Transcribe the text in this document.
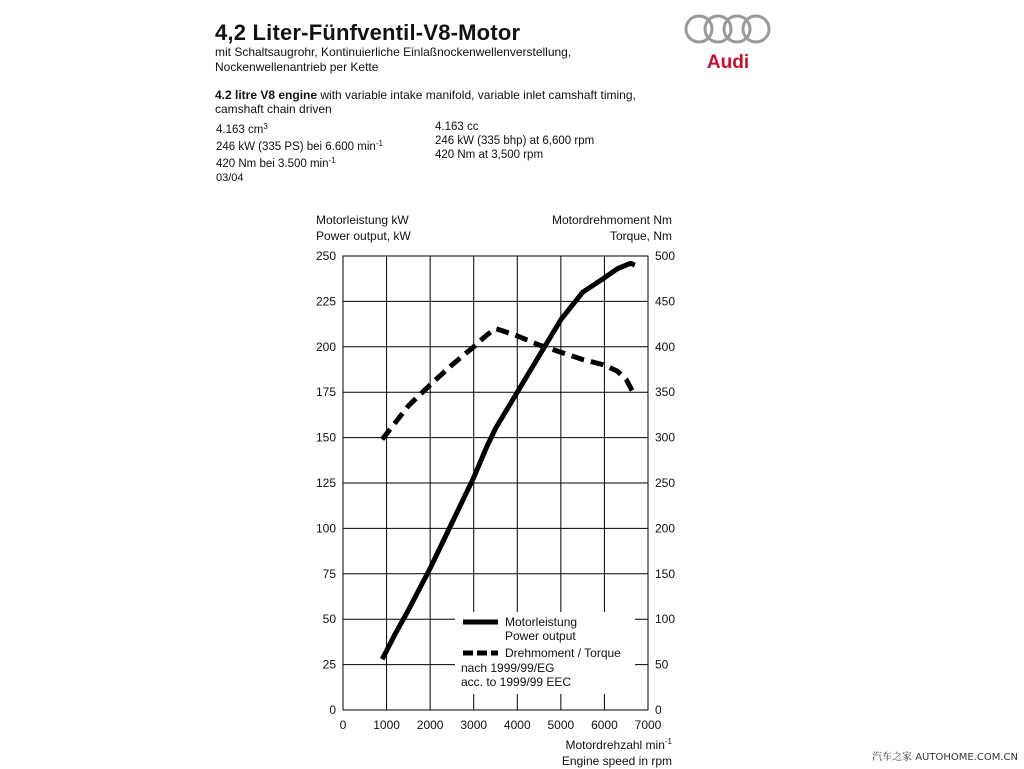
4,2 Liter-Fünfventil-V8-Motor
mit Schaltsaugrohr, Kontinuierliche Einlaßnockenwellenverstellung,
Nockenwellenantrieb per Kette
4.2 litre V8 engine with variable intake manifold, variable inlet camshaft timing,
camshaft chain driven
4.163 $cm^3$
246 kW (335 PS) bei 6.600 $\min^{-1}$
420 Nm bei 3.500 $\min^{-1}$
4.163 cc
246 kW (335 bhp) at 6,600 rpm
420 Nm at 3,500 rpm
03/04
Audi
Motorleistung kW
Power output, kW
Motordrehmoment Nm
Torque, Nm
Motordrehzahl $\min^{-1}$
Engine speed in rpm
0 1000 2000 3000 4000 5000 6000 7000
0
25
50
75
100
125
150
175
200
225
250
0
50
100
150
200
250
300
350
400
450
500
Motorleistung
Power output
Drehmoment / Torque
nach 1999/99/EG
acc. to 1999/99 EEC
汽车之家 AUTOHOME.COM.CN
